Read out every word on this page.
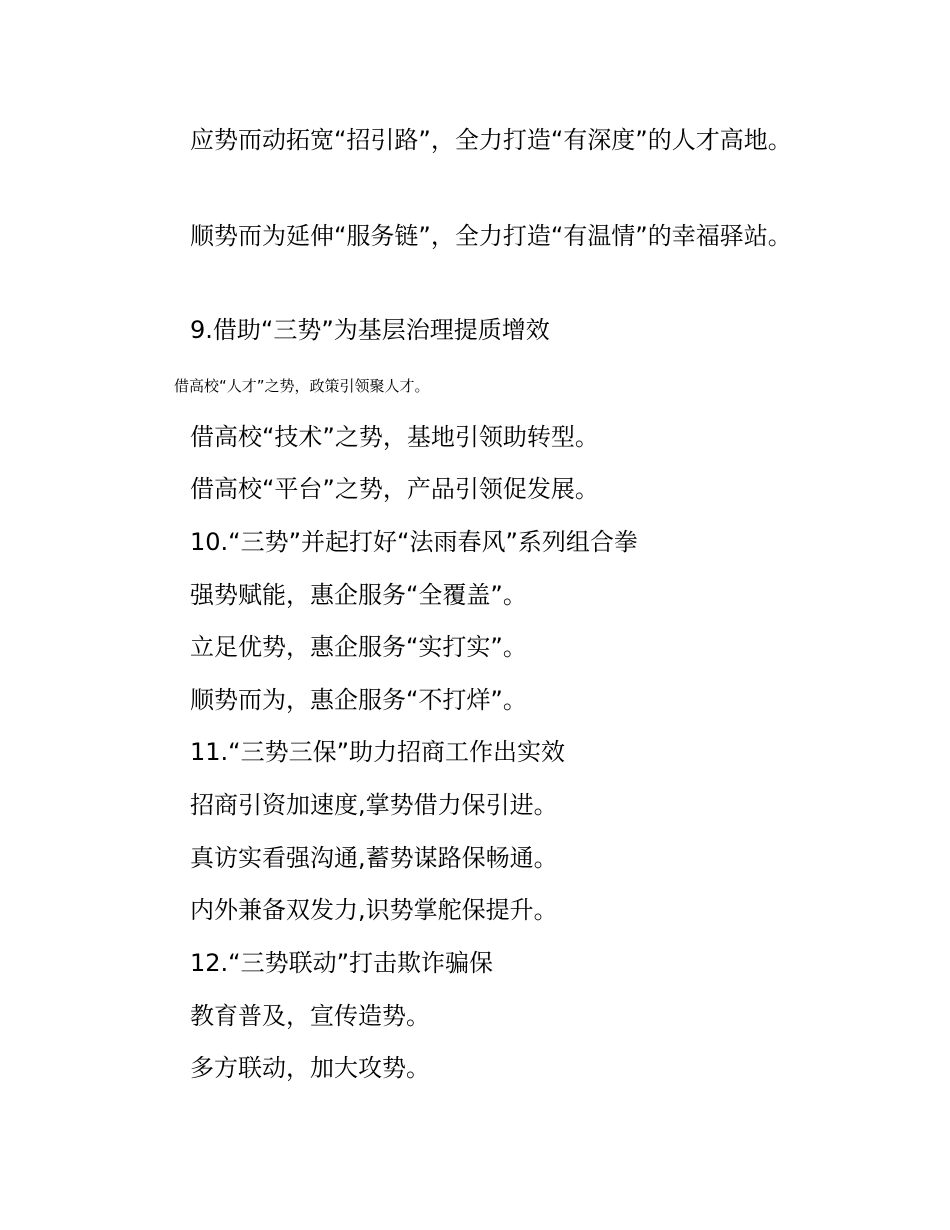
应势而动拓宽“招引路”，全力打造“有深度”的人才高地。
顺势而为延伸“服务链”，全力打造“有温情”的幸福驿站。
9.借助“三势”为基层治理提质增效
借高校“人才”之势，政策引领聚人才。
借高校“技术”之势，基地引领助转型。
借高校“平台”之势，产品引领促发展。
10.“三势”并起打好“法雨春风”系列组合拳
强势赋能，惠企服务“全覆盖”。
立足优势，惠企服务“实打实”。
顺势而为，惠企服务“不打烊”。
11.“三势三保”助力招商工作出实效
招商引资加速度,掌势借力保引进。
真访实看强沟通,蓄势谋路保畅通。
内外兼备双发力,识势掌舵保提升。
12.“三势联动”打击欺诈骗保
教育普及，宣传造势。
多方联动，加大攻势。
